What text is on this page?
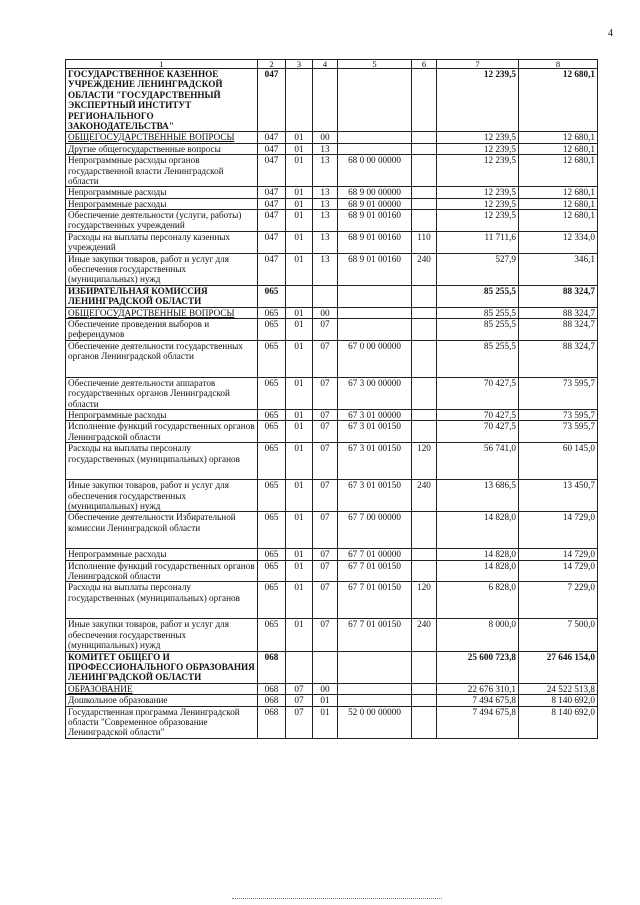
4
1	2	3	4	5	6	7	8
ГОСУДАРСТВЕННОЕ КАЗЕННОЕ УЧРЕЖДЕНИЕ ЛЕНИНГРАДСКОЙ ОБЛАСТИ "ГОСУДАРСТВЕННЫЙ ЭКСПЕРТНЫЙ ИНСТИТУТ РЕГИОНАЛЬНОГО ЗАКОНОДАТЕЛЬСТВА"	047					12 239,5	12 680,1
ОБЩЕГОСУДАРСТВЕННЫЕ ВОПРОСЫ	047	01	00			12 239,5	12 680,1
Другие общегосударственные вопросы	047	01	13			12 239,5	12 680,1
Непрограммные расходы органов государственной власти Ленинградской области	047	01	13	68 0 00 00000		12 239,5	12 680,1
Непрограммные расходы	047	01	13	68 9 00 00000		12 239,5	12 680,1
Непрограммные расходы	047	01	13	68 9 01 00000		12 239,5	12 680,1
Обеспечение деятельности (услуги, работы) государственных учреждений	047	01	13	68 9 01 00160		12 239,5	12 680,1
Расходы на выплаты персоналу казенных учреждений	047	01	13	68 9 01 00160	110	11 711,6	12 334,0
Иные закупки товаров, работ и услуг для обеспечения государственных (муниципальных) нужд	047	01	13	68 9 01 00160	240	527,9	346,1
ИЗБИРАТЕЛЬНАЯ КОМИССИЯ ЛЕНИНГРАДСКОЙ ОБЛАСТИ	065					85 255,5	88 324,7
ОБЩЕГОСУДАРСТВЕННЫЕ ВОПРОСЫ	065	01	00			85 255,5	88 324,7
Обеспечение проведения выборов и референдумов	065	01	07			85 255,5	88 324,7
Обеспечение деятельности государственных органов Ленинградской области	065	01	07	67 0 00 00000		85 255,5	88 324,7
Обеспечение деятельности аппаратов государственных органов Ленинградской области	065	01	07	67 3 00 00000		70 427,5	73 595,7
Непрограммные расходы	065	01	07	67 3 01 00000		70 427,5	73 595,7
Исполнение функций государственных органов Ленинградской области	065	01	07	67 3 01 00150		70 427,5	73 595,7
Расходы на выплаты персоналу государственных (муниципальных) органов	065	01	07	67 3 01 00150	120	56 741,0	60 145,0
Иные закупки товаров, работ и услуг для обеспечения государственных (муниципальных) нужд	065	01	07	67 3 01 00150	240	13 686,5	13 450,7
Обеспечение деятельности Избирательной комиссии Ленинградской области	065	01	07	67 7 00 00000		14 828,0	14 729,0
Непрограммные расходы	065	01	07	67 7 01 00000		14 828,0	14 729,0
Исполнение функций государственных органов Ленинградской области	065	01	07	67 7 01 00150		14 828,0	14 729,0
Расходы на выплаты персоналу государственных (муниципальных) органов	065	01	07	67 7 01 00150	120	6 828,0	7 229,0
Иные закупки товаров, работ и услуг для обеспечения государственных (муниципальных) нужд	065	01	07	67 7 01 00150	240	8 000,0	7 500,0
КОМИТЕТ ОБЩЕГО И ПРОФЕССИОНАЛЬНОГО ОБРАЗОВАНИЯ ЛЕНИНГРАДСКОЙ ОБЛАСТИ	068					25 600 723,8	27 646 154,0
ОБРАЗОВАНИЕ	068	07	00			22 676 310,1	24 522 513,8
Дошкольное образование	068	07	01			7 494 675,8	8 140 692,0
Государственная программа Ленинградской области "Современное образование Ленинградской области"	068	07	01	52 0 00 00000		7 494 675,8	8 140 692,0
